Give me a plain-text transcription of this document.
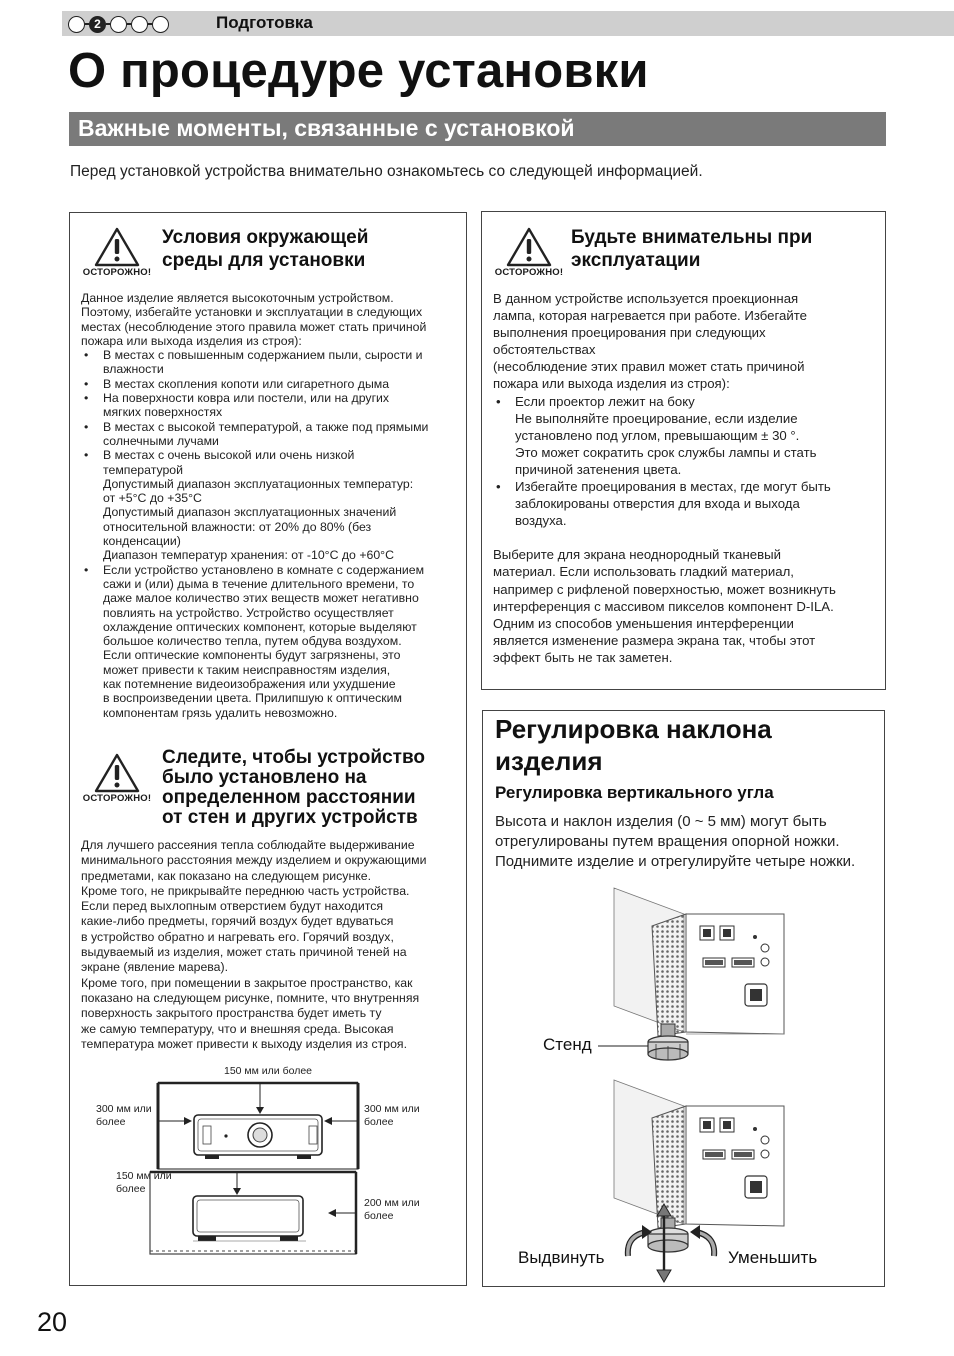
2	Подготовка
О процедуре установки
Важные моменты, связанные с установкой

Перед установкой устройства внимательно ознакомьтесь со следующей информацией.

ОСТОРОЖНО!
Условия окружающей
среды для установки

Данное изделие является высокоточным устройством.

Поэтому, избегайте установки и эксплуатации в следующих

местах (несоблюдение этого правила может стать причиной

пожара или выхода изделия из строя):

• В местах с повышенным содержанием пыли, сырости и
влажности
• В местах скопления копоти или сигаретного дыма
• На поверхности ковра или постели, или на других
мягких поверхностях
• В местах с высокой температурой, а также под прямыми
солнечными лучами
• В местах с очень высокой или очень низкой
температурой
Допустимый диапазон эксплуатационных температур:
от +5°C до +35°C
Допустимый диапазон эксплуатационных значений
относительной влажности: от 20% до 80% (без
конденсации)
Диапазон температур хранения: от -10°C до +60°C
• Если устройство установлено в комнате с содержанием
сажи и (или) дыма в течение длительного времени, то
даже малое количество этих веществ может негативно
повлиять на устройство. Устройство осуществляет
охлаждение оптических компонент, которые выделяют
большое количество тепла, путем обдува воздухом.
Если оптические компоненты будут загрязнены, это
может привести к таким неисправностям изделия,
как потемнение видеоизображения или ухудшение
в воспроизведении цвета. Прилипшую к оптическим
компонентам грязь удалить невозможно.
ОСТОРОЖНО!
Следите, чтобы устройство
было установлено на
определенном расстоянии
от стен и других устройств

Для лучшего рассеяния тепла соблюдайте выдерживание

минимального расстояния между изделием и окружающими

предметами, как показано на следующем рисунке.

Кроме того, не прикрывайте переднюю часть устройства.

Если перед выхлопным отверстием будут находится

какие-либо предметы, горячий воздух будет вдуваться

в устройство обратно и нагревать его. Горячий воздух,

выдуваемый из изделия, может стать причиной теней на

экране (явление марева).

Кроме того, при помещении в закрытое пространство, как

показано на следующем рисунке, помните, что внутренняя

поверхность закрытого пространства будет иметь ту

же самую температуру, что и внешняя среда. Высокая

температура может привести к выходу изделия из строя.

150 мм или более
300 мм или
более
300 мм или
более
150 мм или
более
200 мм или
более
ОСТОРОЖНО!
Будьте внимательны при
эксплуатации

В данном устройстве используется проекционная

лампа, которая нагревается при работе. Избегайте

выполнения проецирования при следующих

обстоятельствах

(несоблюдение этих правил может стать причиной

пожара или выхода изделия из строя):

• Если проектор лежит на боку
Не выполняйте проецирование, если изделие
установлено под углом, превышающим ± 30 °.
Это может сократить срок службы лампы и стать
причиной затенения цвета.
• Избегайте проецирования в местах, где могут быть
заблокированы отверстия для входа и выхода
воздуха.

Выберите для экрана неоднородный тканевый

материал. Если использовать гладкий материал,

например с рифленой поверхностью, может возникнуть

интерференция с массивом пикселов компонент D-ILA.

Одним из способов уменьшения интерференции

является изменение размера экрана так, чтобы этот

эффект быть не так заметен.

Регулировка наклона
изделия
Регулировка вертикального угла
Высота и наклон изделия (0 ~ 5 мм) могут быть
отрегулированы путем вращения опорной ножки.
Поднимите изделие и отрегулируйте четыре ножки.
Стенд
Выдвинуть	Уменьшить
20
